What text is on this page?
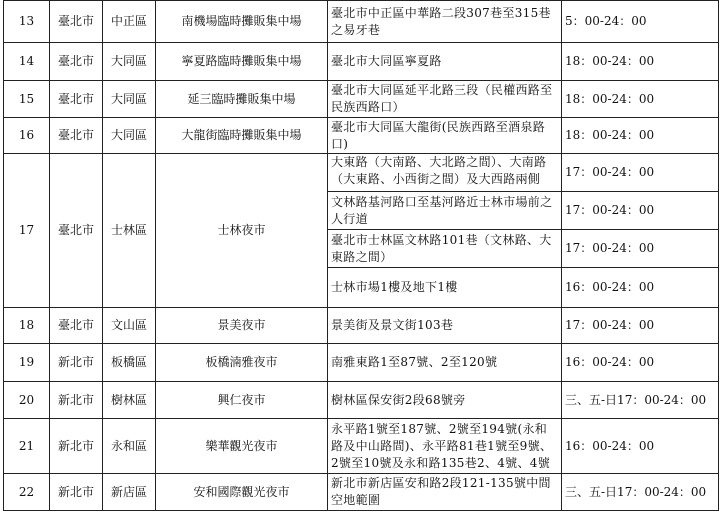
13	臺北市	中正區	南機場臨時攤販集中場	臺北市中正區中華路二段307巷至315巷之易牙巷	5：00-24：00
14	臺北市	大同區	寧夏路臨時攤販集中場	臺北市大同區寧夏路	18：00-24：00
15	臺北市	大同區	延三臨時攤販集中場	臺北市大同區延平北路三段（民權西路至民族西路口）	18：00-24：00
16	臺北市	大同區	大龍街臨時攤販集中場	臺北市大同區大龍街(民族西路至酒泉路口)	18：00-24：00
17	臺北市	士林區	士林夜市	大東路（大南路、大北路之間）、大南路（大東路、小西街之間）及大西路兩側	17：00-24：00

				文林路基河路口至基河路近士林市場前之人行道	17：00-24：00

				臺北市士林區文林路101巷（文林路、大東路之間）	17：00-24：00

				士林市場1樓及地下1樓	16：00-24：00
18	臺北市	文山區	景美夜市	景美街及景文街103巷	17：00-24：00
19	新北市	板橋區	板橋湳雅夜市	南雅東路1至87號、2至120號	16：00-24：00
20	新北市	樹林區	興仁夜市	樹林區保安街2段68號旁	三、五-日17：00-24：00
21	新北市	永和區	樂華觀光夜市	永平路1號至187號、2號至194號(永和路及中山路間)、永平路81巷1號至9號、2號至10號及永和路135巷2、4號、4號	16：00-24：00
22	新北市	新店區	安和國際觀光夜市	新北市新店區安和路2段121-135號中間空地範圍	三、五-日17：00-24：00
